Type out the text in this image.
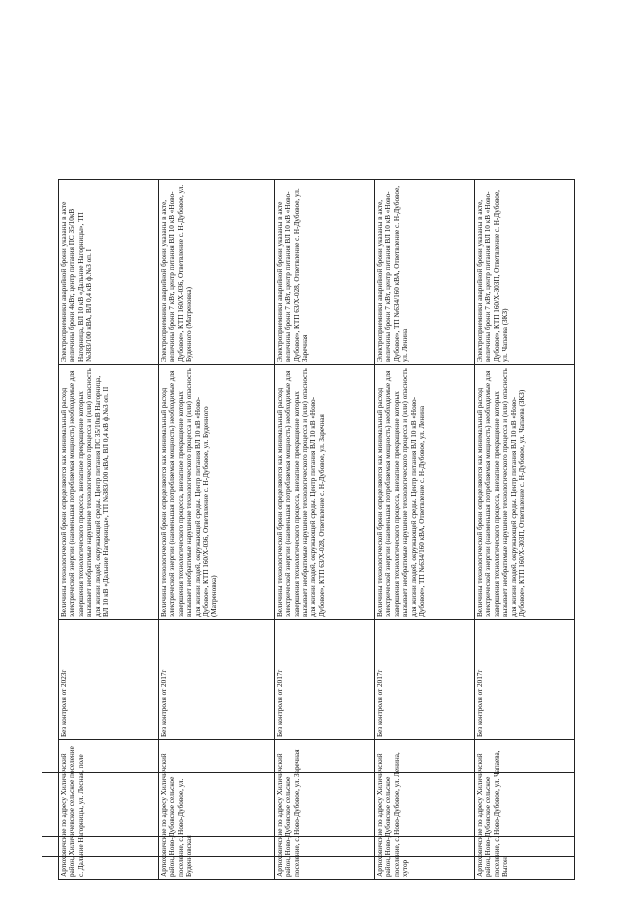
Артюховичские по адресу Хиличичский район, Хиличичевское сельское поселение с. Дальние Нагорницы, ул. Лесная, поле	Без контроля от 2023г	Величины технологической брони определяются как минимальный расход электрической энергии (наименьшая потребляемая мощность) необходимые для завершения технологического процесса, внезапное прекращение которых вызывает необратимые нарушение технологического процесса и (или) опасность для жизни людей, окружающей среды. Центр питания ПС 35/10кВ Нагорница, ВЛ 10 кВ «Дальние Нагорницы», ТП №383/100 кВА, ВЛ 0,4 кВ ф.№3 оп. II	Электроприемники аварийной брони указаны в акте величины брони 4кВт, центр питания ПС 35/10кВ Нагорница, ВЛ 10 кВ «Дальние Нагорницы», ТП №383/100 кВА, ВЛ 0,4 кВ ф.№3 оп. I
Артюховичские по адресу Хиличичский район, Ново-Дубовское сельское поселение, с. Ново-Дубовое, ул. Буденновская	Без контроля от 2017г	Величины технологической брони определяются как минимальный расход электрической энергии (наименьшая потребляемая мощность) необходимые для завершения технологического процесса, внезапное прекращение которых вызывает необратимые нарушение технологического процесса и (или) опасность для жизни людей, окружающей среды. Центр питания ВЛ 10 кВ «Ново-Дубовое», КТП 160/Х-036, Ответвление с. Н-Дубовое, ул. Буденного (Матреновка)	Электроприемники аварийной брони указаны в акте, величины брони 7 кВт, центр питания ВЛ 10 кВ «Ново-Дубовое», КТП 160/Х-036, Ответвление с. Н-Дубовое, ул. Буденного (Матреновка)
Артюховичские по адресу Хиличичский район, Ново-Дубовское сельское поселение, с. Ново-Дубовое, ул. Заречная	Без контроля от 2017г	Величины технологической брони определяются как минимальный расход электрической энергии (наименьшая потребляемая мощность) необходимые для завершения технологического процесса, внезапное прекращение которых вызывает необратимые нарушение технологического процесса и (или) опасность для жизни людей, окружающей среды. Центр питания ВЛ 10 кВ «Ново-Дубовое», КТП 63/Х-028, Ответвление с. Н-Дубовое, ул. Заречная	Электроприемники аварийной брони указаны в акте величины брони 7 кВт, центр питания ВЛ 10 кВ «Ново-Дубовое», КТП 63/Х-028, Ответвление с. Н-Дубовое, ул. Заречная
Артюховичские по адресу Хиличичский район, Ново-Дубовское сельское поселение, с. Ново-Дубовое, ул. Ленина, хутор	Без контроля от 2017г	Величины технологической брони определяются как минимальный расход электрической энергии (наименьшая потребляемая мощность) необходимые для завершения технологического процесса, внезапное прекращение которых вызывает необратимые нарушение технологического процесса и (или) опасность для жизни людей, окружающей среды. Центр питания ВЛ 10 кВ «Ново-Дубовое», ТП №634/160 кВА, Ответвление с. Н-Дубовое, ул. Ленина	Электроприемники аварийной брони указаны в акте, величины брони 7 кВт, центр питания ВЛ 10 кВ «Ново-Дубовое», ТП №634/160 кВА, Ответвление с. Н-Дубовое, ул. Ленина
Артюховичские по адресу Хиличичский район, Ново-Дубовское сельское поселение, с. Ново-Дубовое, ул. Чапаева, Выгон	Без контроля от 2017г	Величины технологической брони определяются как минимальный расход электрической энергии (наименьшая потребляемая мощность) необходимые для завершения технологического процесса, внезапное прекращение которых вызывает необратимые нарушение технологического процесса и (или) опасность для жизни людей, окружающей среды. Центр питания ВЛ 10 кВ «Ново-Дубовое», КТП 160/Х-303П, Ответвление с. Н-Дубовое, ул. Чапаева (ЗКЗ)	Электроприемники аварийной брони указаны в акте, величины брони 7 кВт, центр питания ВЛ 10 кВ «Ново-Дубовое», КТП 160/Х-303П, Ответвление с. Н-Дубовое, ул. Чапаева (ЗКЗ)
